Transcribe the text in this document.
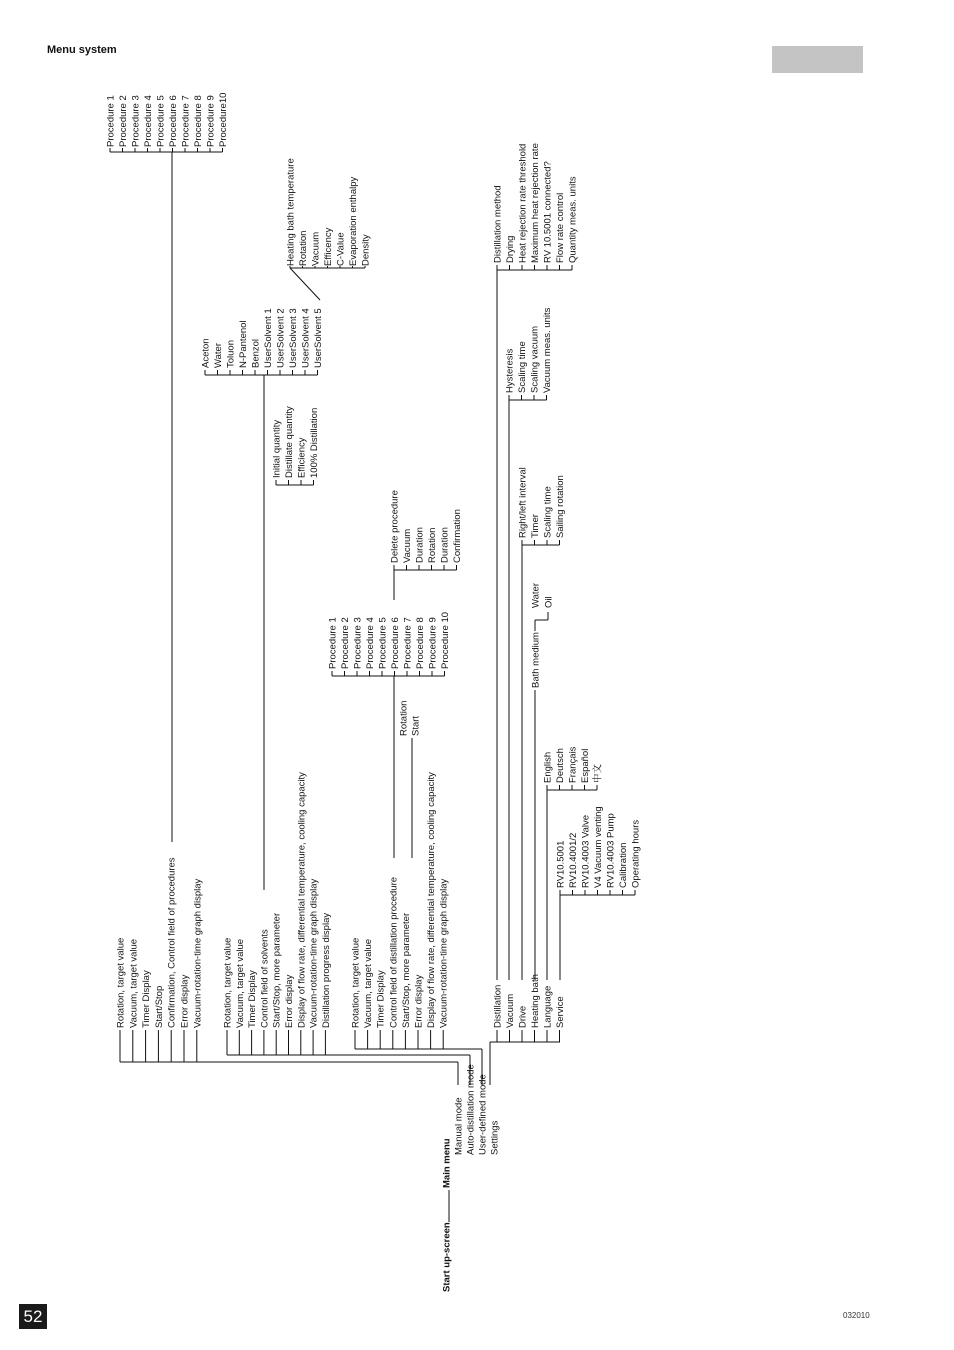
Menu system
52	032010
Start up-screen
Main menu
Manual mode Auto-distillation mode User-defined mode Settings
Rotation, target value Vacuum, target value Timer Display Start/Stop Confirmation, Control field of procedures Error display Vacuum-rotation-time graph display
Procedure 1 Procedure 2 Procedure 3 Procedure 4 Procedure 5 Procedure 6 Procedure 7 Procedure 8 Procedure 9 Procedure10
Rotation, target value Vacuum, target value Timer Display Control field of solvents Start/Stop, more parameter Error display Display of flow rate, differential temperature, cooling capacity Vacuum-rotation-time graph display Distillation progress display
Initial quantity Distillate quantity Efficiency 100% Distillation
Aceton Water Toluon N-Pantenol Benzol UserSolvent 1 UserSolvent 2 UserSolvent 3 UserSolvent 4 UserSolvent 5
Heating bath temperature Rotation Vacuum Efficency C-Value Evaporation enthalpy Density
Rotation, target value Vacuum, target value Timer Display Control field of distillation procedure Start/Stop, more parameter Error display Display of flow rate, differential temperature, cooling capacity Vacuum-rotation-time graph display
Rotation Start
Procedure 1 Procedure 2 Procedure 3 Procedure 4 Procedure 5 Procedure 6 Procedure 7 Procedure 8 Procedure 9 Procedure 10
Delete procedure Vacuum Duration Rotation Duration Confirmation
Distillation Vacuum Drive Heating bath Language Service
Distillation method Drying Heat rejection rate threshold Maximum heat rejection rate RV 10.5001 connected? Flow rate control Quantity meas. units
Hysteresis Scaling time Scaling vacuum Vacuum meas. units
Right/left interval Timer Scaling time Sailing rotation
Bath medium
Water Oil
English Deutsch Français Español 中文
RV10.5001 RV10.4001/2 RV10.4003 Valve V4 Vacuum venting RV10.4003 Pump Calibration Operating hours
